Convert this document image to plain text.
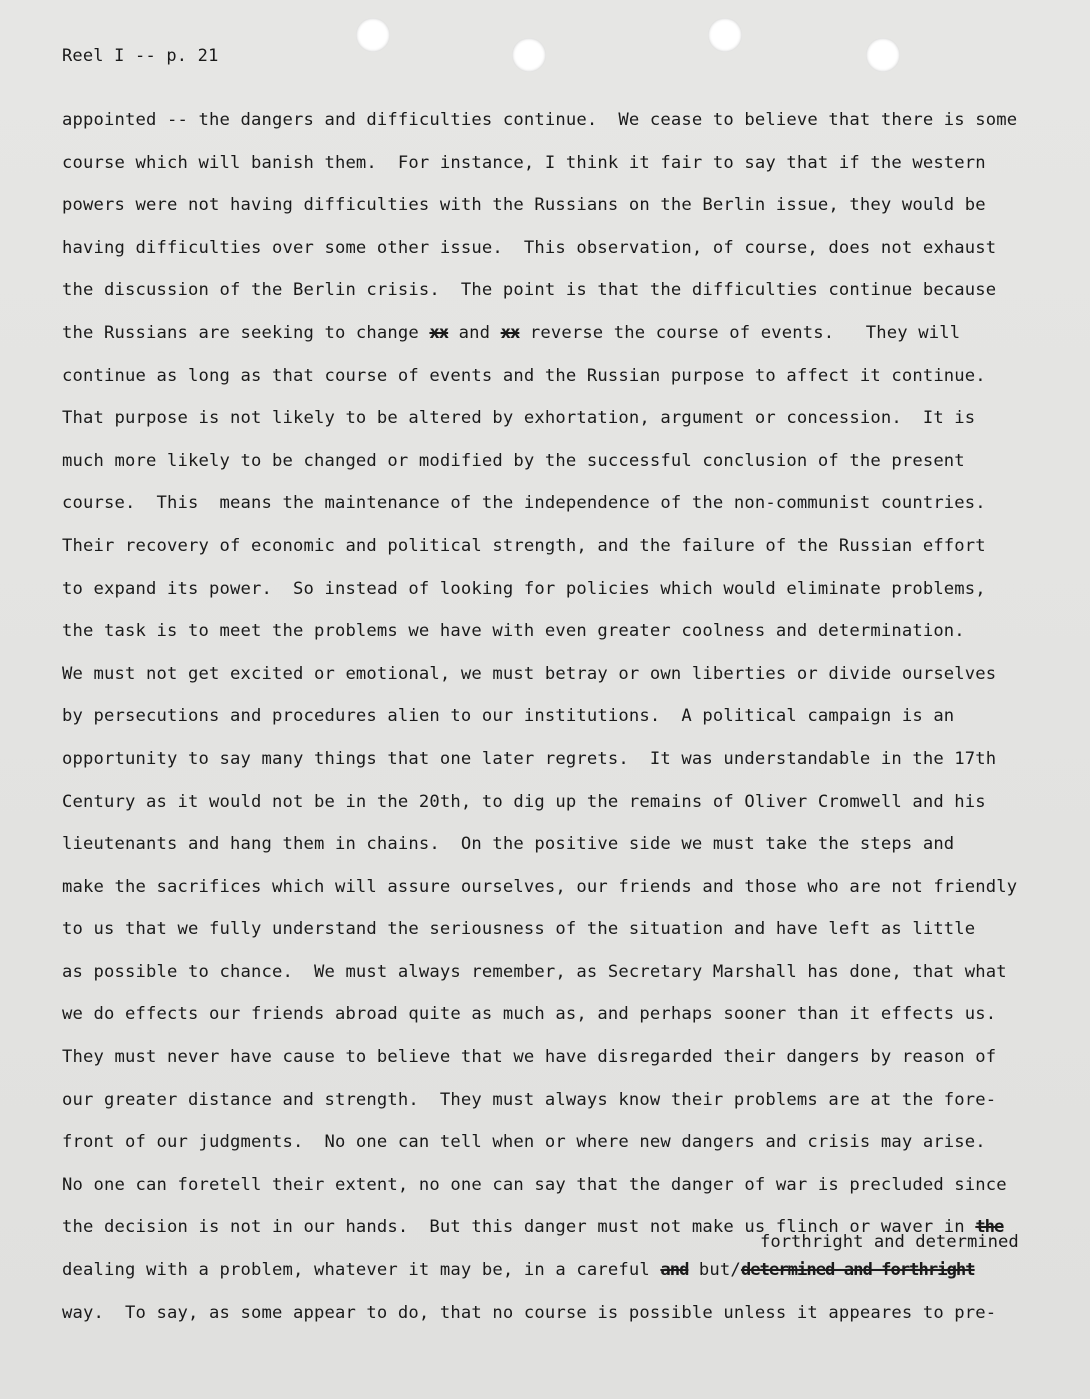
Reel I -- p. 21
appointed -- the dangers and difficulties continue.  We cease to believe that there is some
course which will banish them.  For instance, I think it fair to say that if the western
powers were not having difficulties with the Russians on the Berlin issue, they would be
having difficulties over some other issue.  This observation, of course, does not exhaust
the discussion of the Berlin crisis.  The point is that the difficulties continue because
the Russians are seeking to change xx and xx reverse the course of events.   They will
continue as long as that course of events and the Russian purpose to affect it continue.
That purpose is not likely to be altered by exhortation, argument or concession.  It is
much more likely to be changed or modified by the successful conclusion of the present
course.  This  means the maintenance of the independence of the non-communist countries.
Their recovery of economic and political strength, and the failure of the Russian effort
to expand its power.  So instead of looking for policies which would eliminate problems,
the task is to meet the problems we have with even greater coolness and determination.
We must not get excited or emotional, we must betray or own liberties or divide ourselves
by persecutions and procedures alien to our institutions.  A political campaign is an
opportunity to say many things that one later regrets.  It was understandable in the 17th
Century as it would not be in the 20th, to dig up the remains of Oliver Cromwell and his
lieutenants and hang them in chains.  On the positive side we must take the steps and
make the sacrifices which will assure ourselves, our friends and those who are not friendly
to us that we fully understand the seriousness of the situation and have left as little
as possible to chance.  We must always remember, as Secretary Marshall has done, that what
we do effects our friends abroad quite as much as, and perhaps sooner than it effects us.
They must never have cause to believe that we have disregarded their dangers by reason of
our greater distance and strength.  They must always know their problems are at the fore-
front of our judgments.  No one can tell when or where new dangers and crisis may arise.
No one can foretell their extent, no one can say that the danger of war is precluded since
the decision is not in our hands.  But this danger must not make us flinch or waver in the
dealing with a problem, whatever it may be, in a careful and but/determined and forthright
way.  To say, as some appear to do, that no course is possible unless it appeares to pre-
forthright and determined
